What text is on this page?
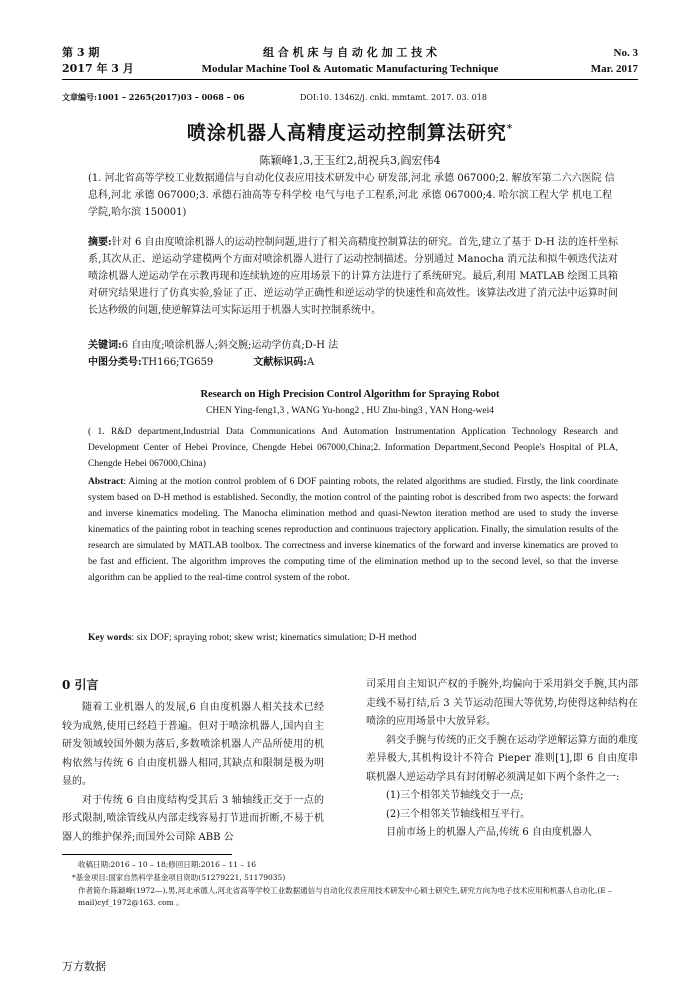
第 3 期
2017 年 3 月
组 合 机 床 与 自 动 化 加 工 技 术
Modular Machine Tool & Automatic Manufacturing Technique
No. 3
Mar. 2017
文章编号:1001 – 2265(2017)03 – 0068 – 06	DOI:10. 13462/j. cnki. mmtamt. 2017. 03. 018
喷涂机器人高精度运动控制算法研究*
陈颖峰1,3,王玉红2,胡祝兵3,阎宏伟4
(1. 河北省高等学校工业数据通信与自动化仪表应用技术研发中心 研发部,河北 承德 067000;2. 解放军第二六六医院 信息科,河北 承德 067000;3. 承德石油高等专科学校 电气与电子工程系,河北 承德 067000;4. 哈尔滨工程大学 机电工程学院,哈尔滨 150001)
摘要:针对 6 自由度喷涂机器人的运动控制问题,进行了相关高精度控制算法的研究。首先,建立了基于 D-H 法的连杆坐标系,其次从正、逆运动学建模两个方面对喷涂机器人进行了运动控制描述。分别通过 Manocha 消元法和拟牛顿迭代法对喷涂机器人逆运动学在示教再现和连续轨迹的应用场景下的计算方法进行了系统研究。最后,利用 MATLAB 绘图工具箱对研究结果进行了仿真实验,验证了正、逆运动学正确性和逆运动学的快速性和高效性。该算法改进了消元法中运算时间长达秒级的问题,使逆解算法可实际运用于机器人实时控制系统中。
关键词:6 自由度;喷涂机器人;斜交腕;运动学仿真;D-H 法
中图分类号:TH166;TG659	文献标识码:A
Research on High Precision Control Algorithm for Spraying Robot
CHEN Ying-feng1,3 , WANG Yu-hong2 , HU Zhu-bing3 , YAN Hong-wei4
( 1. R&D department,Industrial Data Communications And Automation Instrumentation Application Technology Research and Development Center of Hebei Province, Chengde Hebei 067000,China;2. Information Department,Second People's Hospital of PLA, Chengde Hebei 067000,China)
Abstract: Aiming at the motion control problem of 6 DOF painting robots, the related algorithms are studied. Firstly, the link coordinate system based on D-H method is established. Secondly, the motion control of the painting robot is described from two aspects: the forward and inverse kinematics modeling. The Manocha elimination method and quasi-Newton iteration method are used to study the inverse kinematics of the painting robot in teaching scenes reproduction and continuous trajectory application. Finally, the simulation results of the research are simulated by MATLAB toolbox. The correctness and inverse kinematics of the forward and inverse kinematics are proved to be fast and efficient. The algorithm improves the computing time of the elimination method up to the second level, so that the inverse algorithm can be applied to the real-time control system of the robot.
Key words: six DOF; spraying robot; skew wrist; kinematics simulation; D-H method
0 引言
随着工业机器人的发展,6 自由度机器人相关技术已经较为成熟,使用已经趋于普遍。但对于喷涂机器人,国内自主研发领域较国外颇为落后,多数喷涂机器人产品所使用的机构依然与传统 6 自由度机器人相同,其缺点和限制是极为明显的。
对于传统 6 自由度结构受其后 3 轴轴线正交于一点的形式限制,喷涂管线从内部走线容易打节进而折断,不易于机器人的维护保养;而国外公司除 ABB 公
司采用自主知识产权的手腕外,均偏向于采用斜交手腕,其内部走线不易打结,后 3 关节运动范围大等优势,均使得这种结构在喷涂的应用场景中大放异彩。
斜交手腕与传统的正交手腕在运动学逆解运算方面的难度差异极大,其机构设计不符合 Pieper 准则[1],即 6 自由度串联机器人逆运动学具有封闭解必须满足如下两个条件之一:
(1)三个相邻关节轴线交于一点;
(2)三个相邻关节轴线相互平行。
目前市场上的机器人产品,传统 6 自由度机器人
收稿日期:2016 – 10 – 18;修回日期:2016 – 11 – 16
*基金项目:国家自然科学基金项目资助(51279221, 51179035)
作者简介:陈颖峰(1972—),男,河北承德人,河北省高等学校工业数据通信与自动化仪表应用技术研发中心硕士研究生,研究方向为电子技术应用和机器人自动化,(E – mail)cyf_1972@163. com 。
万方数据
